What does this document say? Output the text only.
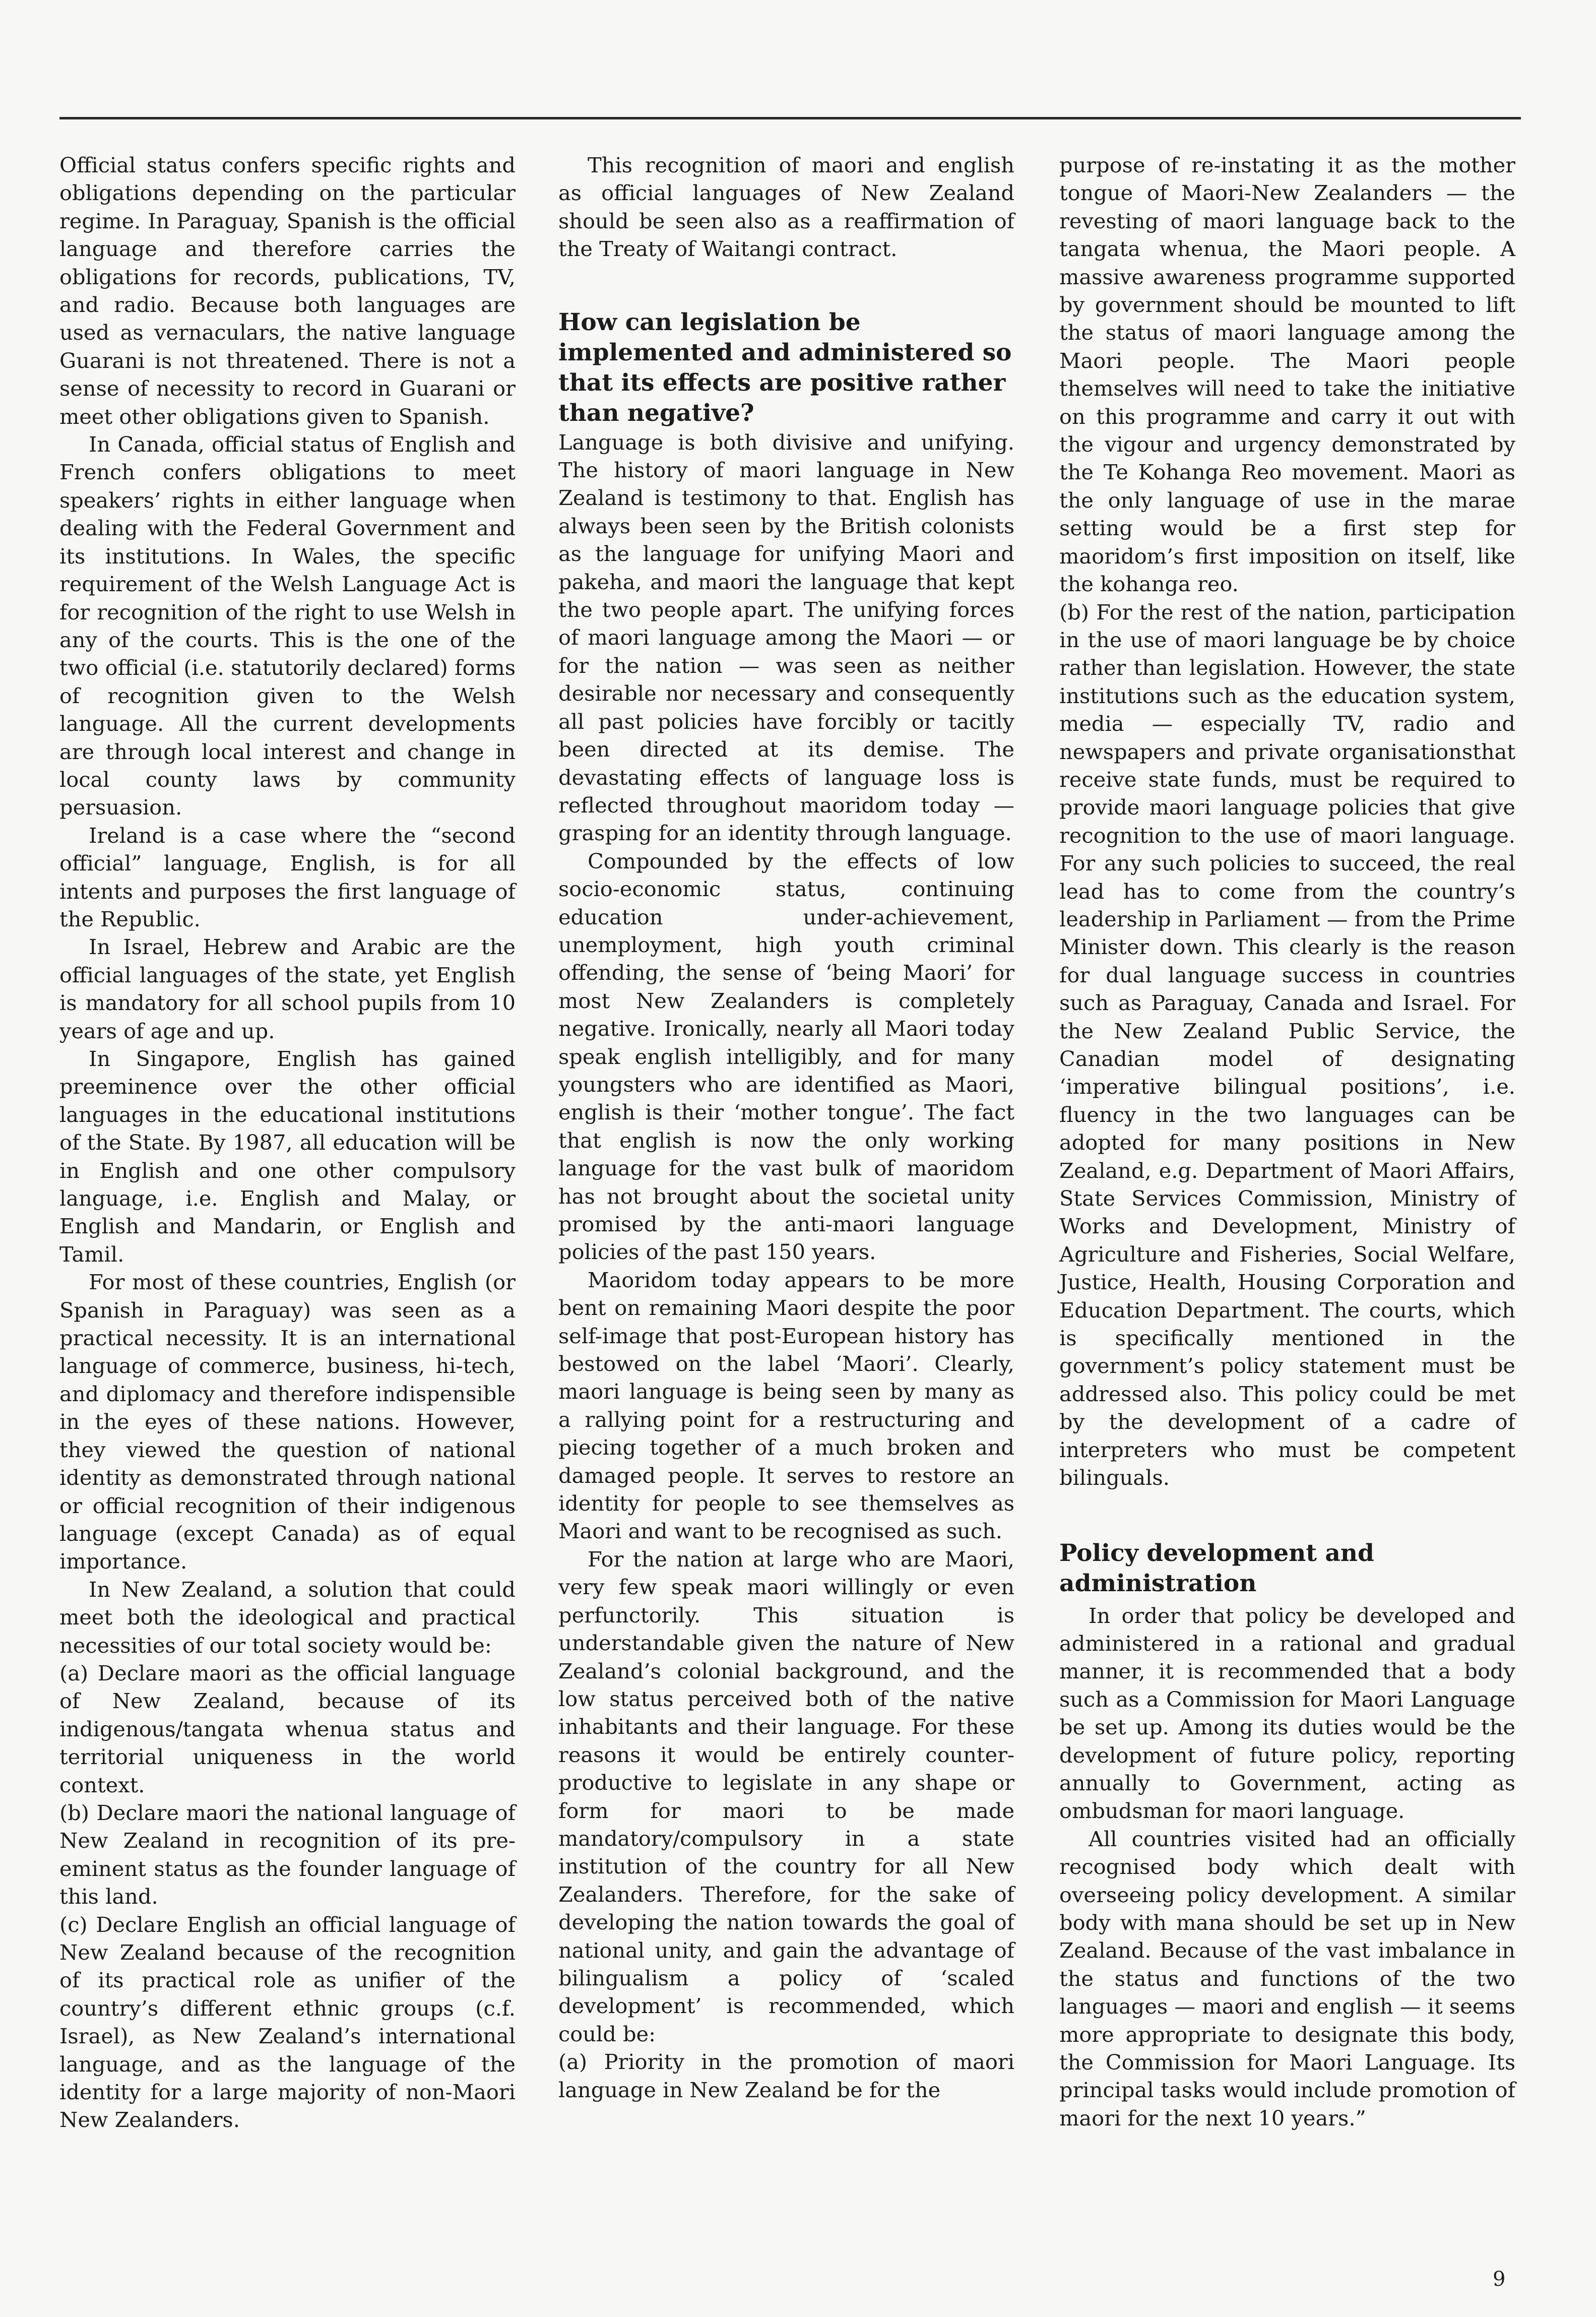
Official status confers specific rights and obligations depending on the particular regime. In Paraguay, Spanish is the official language and therefore carries the obligations for records, publications, TV, and radio. Because both languages are used as vernaculars, the native language Guarani is not threatened. There is not a sense of necessity to record in Guarani or meet other obligations given to Spanish.

In Canada, official status of English and French confers obligations to meet speakers’ rights in either language when dealing with the Federal Government and its institutions. In Wales, the specific requirement of the Welsh Language Act is for recognition of the right to use Welsh in any of the courts. This is the one of the two official (i.e. statutorily declared) forms of recognition given to the Welsh language. All the current developments are through local interest and change in local county laws by community persuasion.

Ireland is a case where the “second official” language, English, is for all intents and purposes the first language of the Republic.

In Israel, Hebrew and Arabic are the official languages of the state, yet English is mandatory for all school pupils from 10 years of age and up.

In Singapore, English has gained preeminence over the other official languages in the educational institutions of the State. By 1987, all education will be in English and one other compulsory language, i.e. English and Malay, or English and Mandarin, or English and Tamil.

For most of these countries, English (or Spanish in Paraguay) was seen as a practical necessity. It is an international language of commerce, business, hi-tech, and diplomacy and therefore indispensible in the eyes of these nations. However, they viewed the question of national identity as demonstrated through national or official recognition of their indigenous language (except Canada) as of equal importance.

In New Zealand, a solution that could meet both the ideological and practical necessities of our total society would be:

(a) Declare maori as the official language of New Zealand, because of its indigenous/tangata whenua status and territorial uniqueness in the world context.

(b) Declare maori the national language of New Zealand in recognition of its pre-eminent status as the founder language of this land.

(c) Declare English an official language of New Zealand because of the recognition of its practical role as unifier of the country’s different ethnic groups (c.f. Israel), as New Zealand’s international language, and as the language of the identity for a large majority of non-Maori New Zealanders.

This recognition of maori and english as official languages of New Zealand should be seen also as a reaffirmation of the Treaty of Waitangi contract.

How can legislation be implemented and administered so that its effects are positive rather than negative?

Language is both divisive and unifying. The history of maori language in New Zealand is testimony to that. English has always been seen by the British colonists as the language for unifying Maori and pakeha, and maori the language that kept the two people apart. The unifying forces of maori language among the Maori — or for the nation — was seen as neither desirable nor necessary and consequently all past policies have forcibly or tacitly been directed at its demise. The devastating effects of language loss is reflected throughout maoridom today — grasping for an identity through language.

Compounded by the effects of low socio-economic status, continuing education under-achievement, unemployment, high youth criminal offending, the sense of ‘being Maori’ for most New Zealanders is completely negative. Ironically, nearly all Maori today speak english intelligibly, and for many youngsters who are identified as Maori, english is their ‘mother tongue’. The fact that english is now the only working language for the vast bulk of maoridom has not brought about the societal unity promised by the anti-maori language policies of the past 150 years.

Maoridom today appears to be more bent on remaining Maori despite the poor self-image that post-European history has bestowed on the label ‘Maori’. Clearly, maori language is being seen by many as a rallying point for a restructuring and piecing together of a much broken and damaged people. It serves to restore an identity for people to see themselves as Maori and want to be recognised as such.

For the nation at large who are Maori, very few speak maori willingly or even perfunctorily. This situation is understandable given the nature of New Zealand’s colonial background, and the low status perceived both of the native inhabitants and their language. For these reasons it would be entirely counter-productive to legislate in any shape or form for maori to be made mandatory/compulsory in a state institution of the country for all New Zealanders. Therefore, for the sake of developing the nation towards the goal of national unity, and gain the advantage of bilingualism a policy of ‘scaled development’ is recommended, which could be:

(a) Priority in the promotion of maori language in New Zealand be for the

purpose of re-instating it as the mother tongue of Maori-New Zealanders — the revesting of maori language back to the tangata whenua, the Maori people. A massive awareness programme supported by government should be mounted to lift the status of maori language among the Maori people. The Maori people themselves will need to take the initiative on this programme and carry it out with the vigour and urgency demonstrated by the Te Kohanga Reo movement. Maori as the only language of use in the marae setting would be a first step for maoridom’s first imposition on itself, like the kohanga reo.

(b) For the rest of the nation, participation in the use of maori language be by choice rather than legislation. However, the state institutions such as the education system, media — especially TV, radio and newspapers and private organisationsthat receive state funds, must be required to provide maori language policies that give recognition to the use of maori language. For any such policies to succeed, the real lead has to come from the country’s leadership in Parliament — from the Prime Minister down. This clearly is the reason for dual language success in countries such as Paraguay, Canada and Israel. For the New Zealand Public Service, the Canadian model of designating ‘imperative bilingual positions’, i.e. fluency in the two languages can be adopted for many positions in New Zealand, e.g. Department of Maori Affairs, State Services Commission, Ministry of Works and Development, Ministry of Agriculture and Fisheries, Social Welfare, Justice, Health, Housing Corporation and Education Department. The courts, which is specifically mentioned in the government’s policy statement must be addressed also. This policy could be met by the development of a cadre of interpreters who must be competent bilinguals.

Policy development and administration

In order that policy be developed and administered in a rational and gradual manner, it is recommended that a body such as a Commission for Maori Language be set up. Among its duties would be the development of future policy, reporting annually to Government, acting as ombudsman for maori language.

All countries visited had an officially recognised body which dealt with overseeing policy development. A similar body with mana should be set up in New Zealand. Because of the vast imbalance in the status and functions of the two languages — maori and english — it seems more appropriate to designate this body, the Commission for Maori Language. Its principal tasks would include promotion of maori for the next 10 years.”

9
